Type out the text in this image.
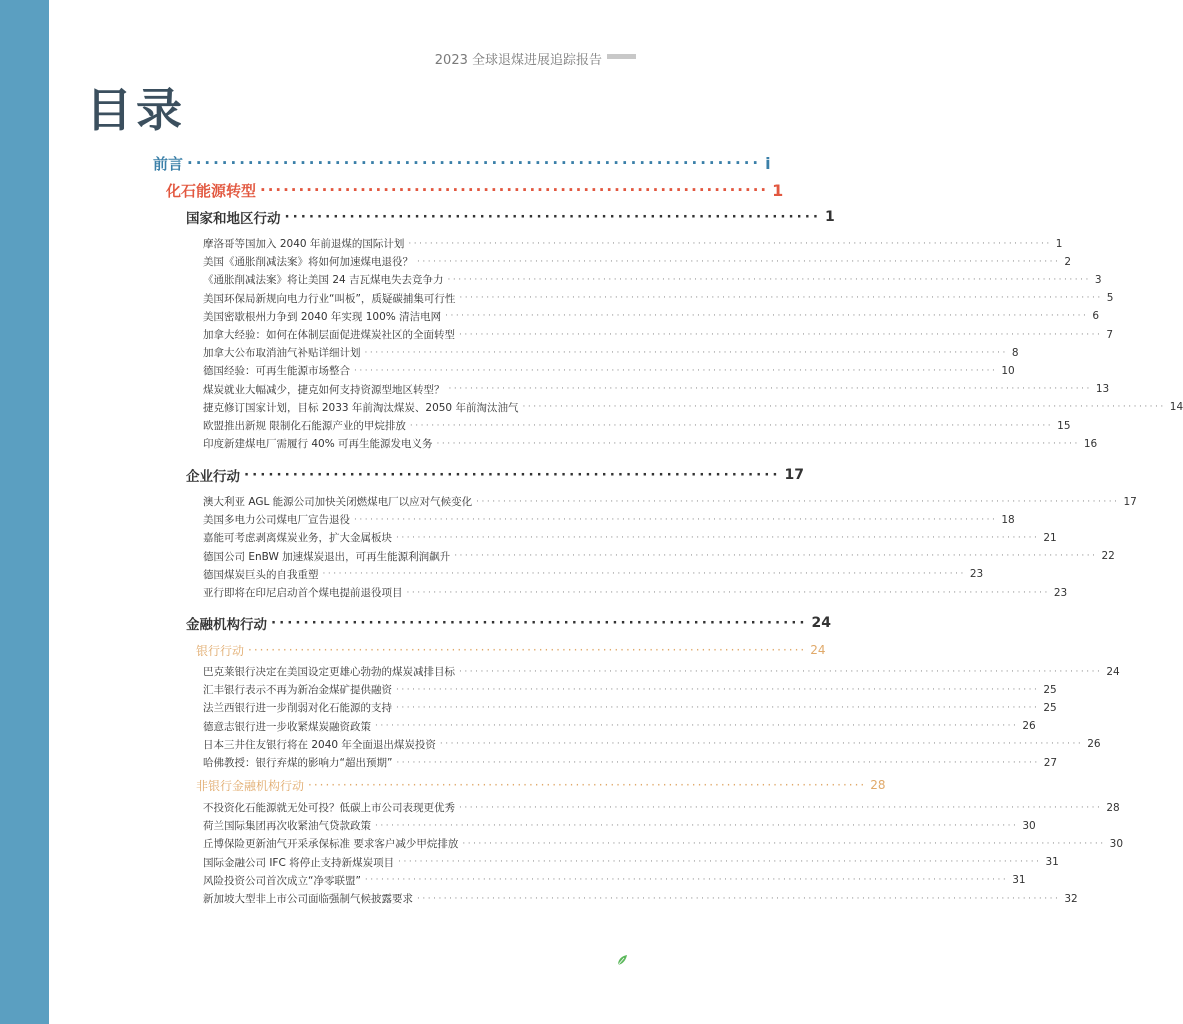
2023 全球退煤进展追踪报告
目录
前言 ·································································· i
化石能源转型 ·································································· 1
国家和地区行动 ·································································· 1
摩洛哥等国加入 2040 年前退煤的国际计划 ························································································································ 1
美国《通胀削减法案》将如何加速煤电退役？ ························································································································ 2
《通胀削减法案》将让美国 24 吉瓦煤电失去竞争力 ························································································································ 3
美国环保局新规向电力行业“叫板”，质疑碳捕集可行性 ························································································································ 5
美国密歇根州力争到 2040 年实现 100% 清洁电网 ························································································································ 6
加拿大经验：如何在体制层面促进煤炭社区的全面转型 ························································································································ 7
加拿大公布取消油气补贴详细计划 ························································································································ 8
德国经验：可再生能源市场整合 ························································································································ 10
煤炭就业大幅减少，捷克如何支持资源型地区转型？ ························································································································ 13
捷克修订国家计划，目标 2033 年前淘汰煤炭、2050 年前淘汰油气 ························································································································ 14
欧盟推出新规 限制化石能源产业的甲烷排放 ························································································································ 15
印度新建煤电厂需履行 40% 可再生能源发电义务 ························································································································ 16
企业行动 ·································································· 17
澳大利亚 AGL 能源公司加快关闭燃煤电厂以应对气候变化 ························································································································ 17
美国多电力公司煤电厂宣告退役 ························································································································ 18
嘉能可考虑剥离煤炭业务，扩大金属板块 ························································································································ 21
德国公司 EnBW 加速煤炭退出，可再生能源利润飙升 ························································································································ 22
德国煤炭巨头的自我重塑 ························································································································ 23
亚行即将在印尼启动首个煤电提前退役项目 ························································································································ 23
金融机构行动 ·································································· 24
银行行动 ································································································ 24
巴克莱银行决定在美国设定更雄心勃勃的煤炭减排目标 ························································································································ 24
汇丰银行表示不再为新冶金煤矿提供融资 ························································································································ 25
法兰西银行进一步削弱对化石能源的支持 ························································································································ 25
德意志银行进一步收紧煤炭融资政策 ························································································································ 26
日本三井住友银行将在 2040 年全面退出煤炭投资 ························································································································ 26
哈佛教授：银行弃煤的影响力“超出预期” ························································································································ 27
非银行金融机构行动 ································································································ 28
不投资化石能源就无处可投？低碳上市公司表现更优秀 ························································································································ 28
荷兰国际集团再次收紧油气贷款政策 ························································································································ 30
丘博保险更新油气开采承保标准 要求客户减少甲烷排放 ························································································································ 30
国际金融公司 IFC 将停止支持新煤炭项目 ························································································································ 31
风险投资公司首次成立“净零联盟” ························································································································ 31
新加坡大型非上市公司面临强制气候披露要求 ························································································································ 32
